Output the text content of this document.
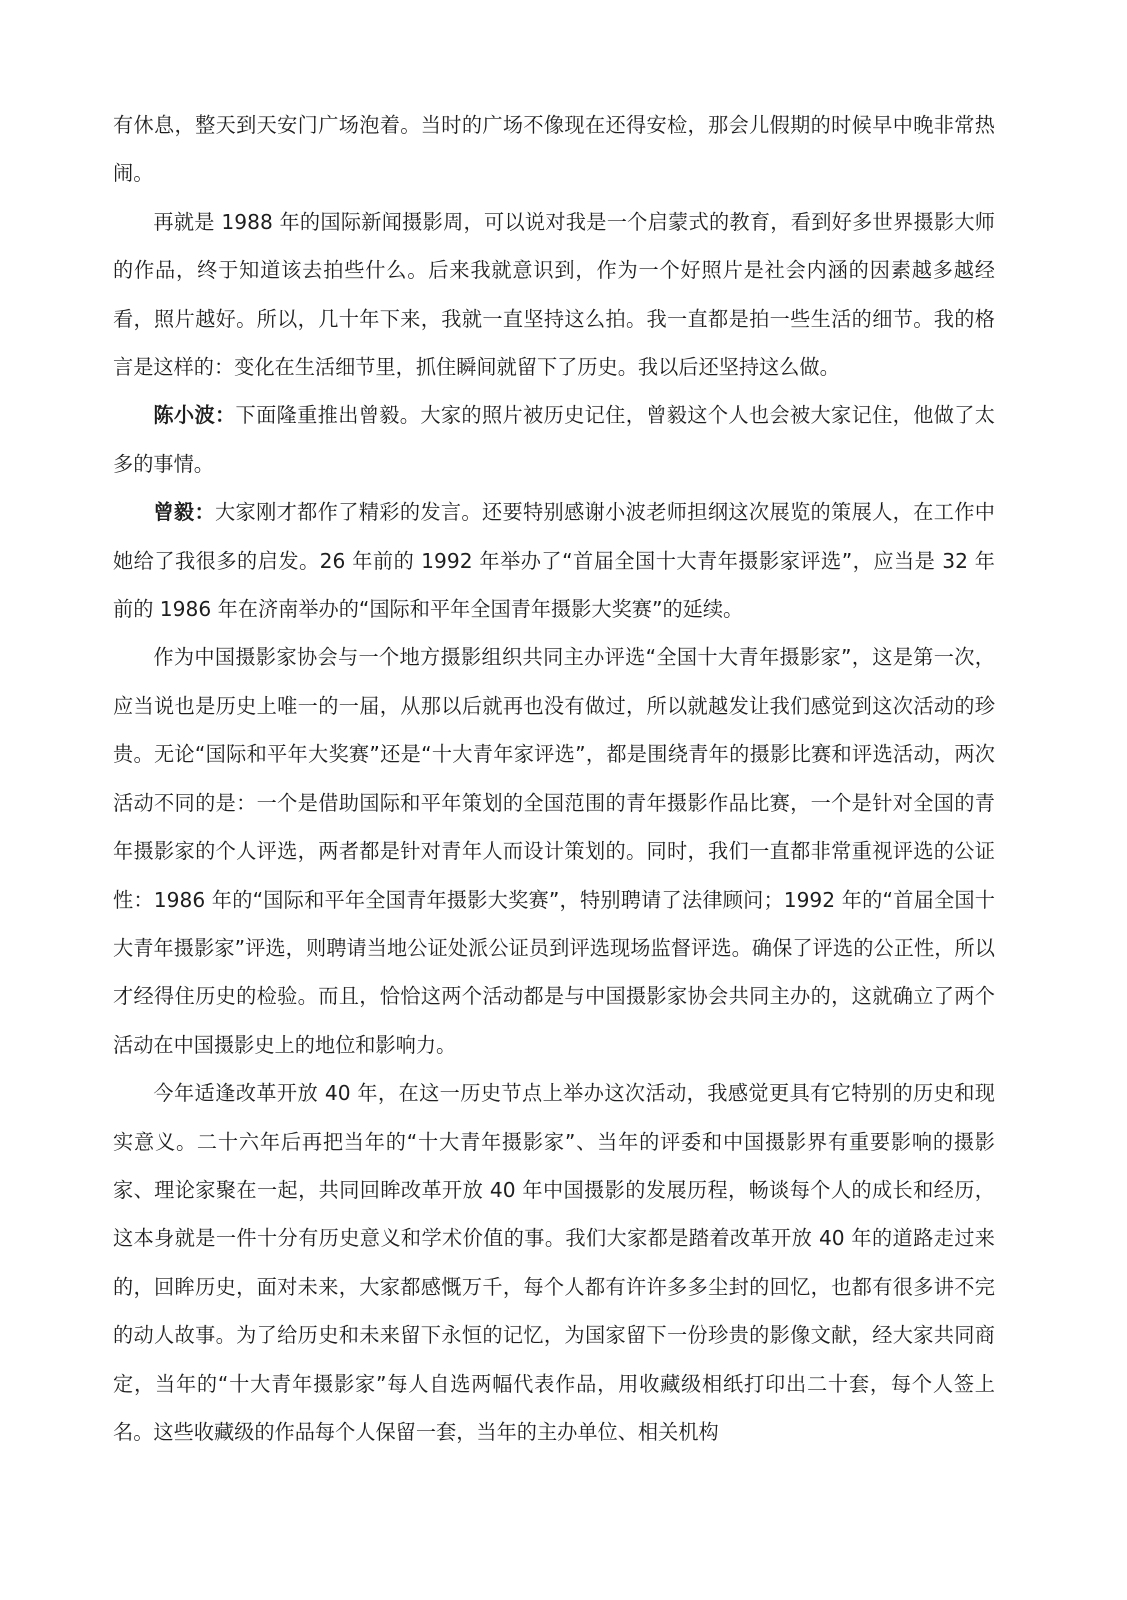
有休息，整天到天安门广场泡着。当时的广场不像现在还得安检，那会儿假期的时候早中晚非常热闹。

再就是 1988 年的国际新闻摄影周，可以说对我是一个启蒙式的教育，看到好多世界摄影大师的作品，终于知道该去拍些什么。后来我就意识到，作为一个好照片是社会内涵的因素越多越经看，照片越好。所以，几十年下来，我就一直坚持这么拍。我一直都是拍一些生活的细节。我的格言是这样的：变化在生活细节里，抓住瞬间就留下了历史。我以后还坚持这么做。

陈小波：下面隆重推出曾毅。大家的照片被历史记住，曾毅这个人也会被大家记住，他做了太多的事情。

曾毅：大家刚才都作了精彩的发言。还要特别感谢小波老师担纲这次展览的策展人，在工作中她给了我很多的启发。26 年前的 1992 年举办了“首届全国十大青年摄影家评选”，应当是 32 年前的 1986 年在济南举办的“国际和平年全国青年摄影大奖赛”的延续。

作为中国摄影家协会与一个地方摄影组织共同主办评选“全国十大青年摄影家”，这是第一次，应当说也是历史上唯一的一届，从那以后就再也没有做过，所以就越发让我们感觉到这次活动的珍贵。无论“国际和平年大奖赛”还是“十大青年家评选”，都是围绕青年的摄影比赛和评选活动，两次活动不同的是：一个是借助国际和平年策划的全国范围的青年摄影作品比赛，一个是针对全国的青年摄影家的个人评选，两者都是针对青年人而设计策划的。同时，我们一直都非常重视评选的公证性：1986 年的“国际和平年全国青年摄影大奖赛”，特别聘请了法律顾问；1992 年的“首届全国十大青年摄影家”评选，则聘请当地公证处派公证员到评选现场监督评选。确保了评选的公正性，所以才经得住历史的检验。而且，恰恰这两个活动都是与中国摄影家协会共同主办的，这就确立了两个活动在中国摄影史上的地位和影响力。

今年适逢改革开放 40 年，在这一历史节点上举办这次活动，我感觉更具有它特别的历史和现实意义。二十六年后再把当年的“十大青年摄影家”、当年的评委和中国摄影界有重要影响的摄影家、理论家聚在一起，共同回眸改革开放 40 年中国摄影的发展历程，畅谈每个人的成长和经历，这本身就是一件十分有历史意义和学术价值的事。我们大家都是踏着改革开放 40 年的道路走过来的，回眸历史，面对未来，大家都感慨万千，每个人都有许许多多尘封的回忆，也都有很多讲不完的动人故事。为了给历史和未来留下永恒的记忆，为国家留下一份珍贵的影像文献，经大家共同商定，当年的“十大青年摄影家”每人自选两幅代表作品，用收藏级相纸打印出二十套，每个人签上名。这些收藏级的作品每个人保留一套，当年的主办单位、相关机构
